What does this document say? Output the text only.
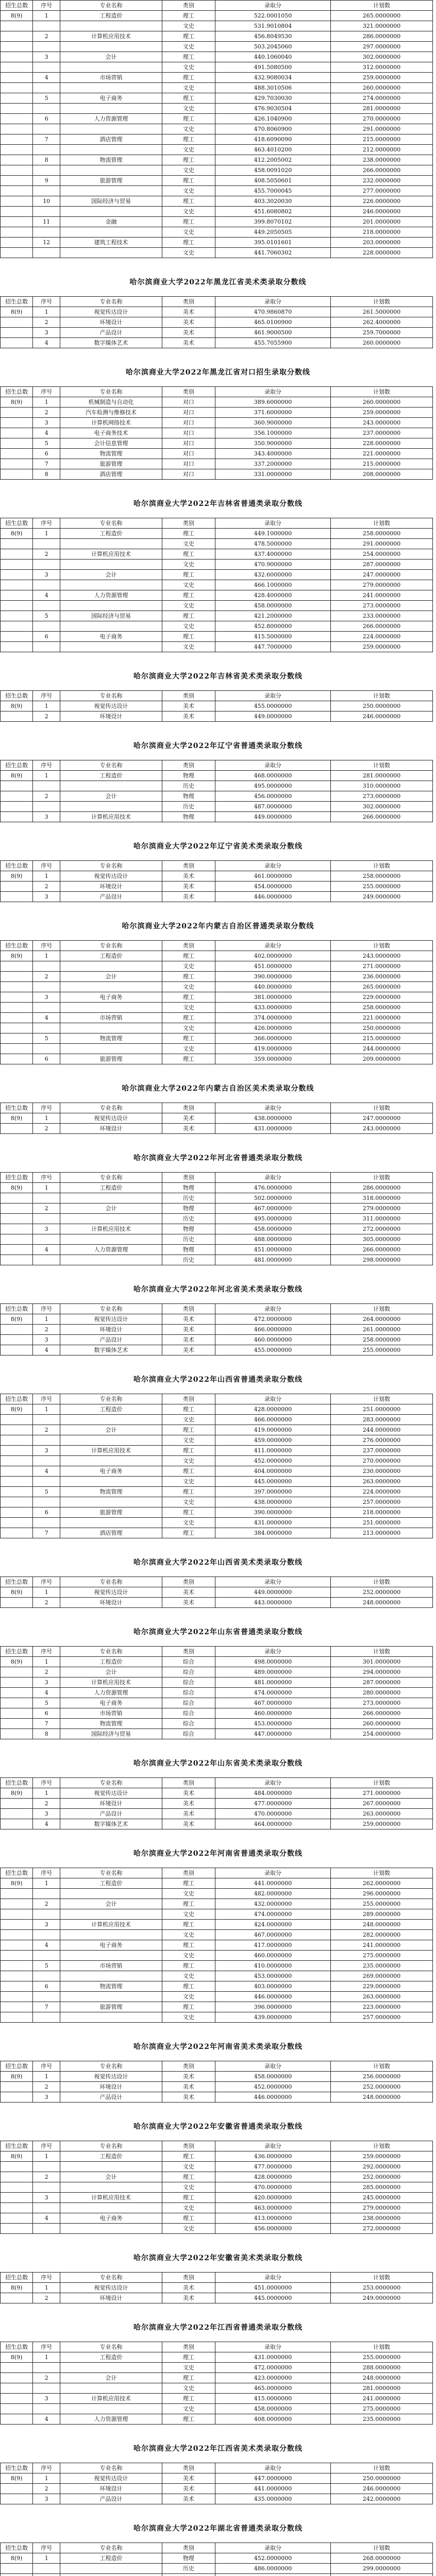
招生总数	序号	专业名称	类别	录取分	计划数
8(9)	1	工程造价	理工	522.0001050	265.0000000
			文史	531.9010804	321.0000000
	2	计算机应用技术	理工	456.8049530	286.0000000
			文史	503.2045060	297.0000000
	3	会计	理工	440.1060040	302.0000000
			文史	491.5080500	312.0000000
	4	市场营销	理工	432.9080034	259.0000000
			文史	488.3010506	260.0000000
	5	电子商务	理工	429.7030030	274.0000000
			文史	476.9030504	281.0000000
	6	人力资源管理	理工	426.1040900	270.0000000
			文史	470.8060900	291.0000000
	7	酒店管理	理工	418.6090090	215.0000000
			文史	463.4010200	212.0000000
	8	物流管理	理工	412.2005002	238.0000000
			文史	458.0091020	266.0000000
	9	旅游管理	理工	408.5050601	232.0000000
			文史	455.7000045	277.0000000
	10	国际经济与贸易	理工	403.3020030	226.0000000
			文史	451.6080802	246.0000000
	11	金融	理工	399.8070102	201.0000000
			文史	449.2050505	218.0000000
	12	建筑工程技术	理工	395.0101601	203.0000000
			文史	441.7060302	228.0000000
哈尔滨商业大学2022年黑龙江省美术类录取分数线
招生总数	序号	专业名称	类别	录取分	计划数
8(9)	1	视觉传达设计	美术	470.9860870	261.5000000
	2	环境设计	美术	465.0100900	262.4000000
	3	产品设计	美术	461.9000500	259.7000000
	4	数字媒体艺术	美术	455.7055900	260.0000000
哈尔滨商业大学2022年黑龙江省对口招生录取分数线
招生总数	序号	专业名称	类别	录取分	计划数
8(9)	1	机械制造与自动化	对口	389.6000000	260.0000000
	2	汽车检测与维修技术	对口	371.6000000	259.0000000
	3	计算机网络技术	对口	360.9000000	243.0000000
	4	电子商务技术	对口	356.1000000	237.0000000
	5	会计信息管理	对口	350.9000000	228.0000000
	6	物流管理	对口	343.4000000	221.0000000
	7	旅游管理	对口	337.2000000	215.0000000
	8	酒店管理	对口	331.0000000	208.0000000
哈尔滨商业大学2022年吉林省普通类录取分数线
招生总数	序号	专业名称	类别	录取分	计划数
8(9)	1	工程造价	理工	449.1000000	258.0000000
			文史	478.5000000	291.0000000
	2	计算机应用技术	理工	437.4000000	254.0000000
			文史	470.9000000	287.0000000
	3	会计	理工	432.6000000	247.0000000
			文史	466.1000000	279.0000000
	4	人力资源管理	理工	428.4000000	241.0000000
			文史	458.0000000	273.0000000
	5	国际经济与贸易	理工	421.2000000	233.0000000
			文史	452.8000000	266.0000000
	6	电子商务	理工	415.5000000	224.0000000
			文史	447.7000000	259.0000000
哈尔滨商业大学2022年吉林省美术类录取分数线
招生总数	序号	专业名称	类别	录取分	计划数
8(9)	1	视觉传达设计	美术	455.0000000	250.0000000
	2	环境设计	美术	449.0000000	246.0000000
哈尔滨商业大学2022年辽宁省普通类录取分数线
招生总数	序号	专业名称	类别	录取分	计划数
8(9)	1	工程造价	物理	468.0000000	281.0000000
			历史	495.0000000	310.0000000
	2	会计	物理	456.0000000	273.0000000
			历史	487.0000000	302.0000000
	3	计算机应用技术	物理	449.0000000	266.0000000
哈尔滨商业大学2022年辽宁省美术类录取分数线
招生总数	序号	专业名称	类别	录取分	计划数
8(9)	1	视觉传达设计	美术	461.0000000	258.0000000
	2	环境设计	美术	454.0000000	255.0000000
	3	产品设计	美术	446.0000000	249.0000000
哈尔滨商业大学2022年内蒙古自治区普通类录取分数线
招生总数	序号	专业名称	类别	录取分	计划数
8(9)	1	工程造价	理工	402.0000000	243.0000000
			文史	451.0000000	271.0000000
	2	会计	理工	390.0000000	236.0000000
			文史	440.0000000	265.0000000
	3	电子商务	理工	381.0000000	229.0000000
			文史	433.0000000	258.0000000
	4	市场营销	理工	374.0000000	221.0000000
			文史	426.0000000	250.0000000
	5	物流管理	理工	366.0000000	215.0000000
			文史	419.0000000	244.0000000
	6	旅游管理	理工	359.0000000	209.0000000
哈尔滨商业大学2022年内蒙古自治区美术类录取分数线
招生总数	序号	专业名称	类别	录取分	计划数
8(9)	1	视觉传达设计	美术	438.0000000	247.0000000
	2	环境设计	美术	431.0000000	243.0000000
哈尔滨商业大学2022年河北省普通类录取分数线
招生总数	序号	专业名称	类别	录取分	计划数
8(9)	1	工程造价	物理	476.0000000	286.0000000
			历史	502.0000000	318.0000000
	2	会计	物理	467.0000000	279.0000000
			历史	495.0000000	311.0000000
	3	计算机应用技术	物理	458.0000000	272.0000000
			历史	488.0000000	305.0000000
	4	人力资源管理	物理	451.0000000	266.0000000
			历史	481.0000000	298.0000000
哈尔滨商业大学2022年河北省美术类录取分数线
招生总数	序号	专业名称	类别	录取分	计划数
8(9)	1	视觉传达设计	美术	472.0000000	264.0000000
	2	环境设计	美术	466.0000000	261.0000000
	3	产品设计	美术	460.0000000	258.0000000
	4	数字媒体艺术	美术	455.0000000	255.0000000
哈尔滨商业大学2022年山西省普通类录取分数线
招生总数	序号	专业名称	类别	录取分	计划数
8(9)	1	工程造价	理工	428.0000000	251.0000000
			文史	466.0000000	283.0000000
	2	会计	理工	419.0000000	244.0000000
			文史	459.0000000	276.0000000
	3	计算机应用技术	理工	411.0000000	237.0000000
			文史	452.0000000	270.0000000
	4	电子商务	理工	404.0000000	230.0000000
			文史	445.0000000	263.0000000
	5	物流管理	理工	397.0000000	224.0000000
			文史	438.0000000	257.0000000
	6	旅游管理	理工	390.0000000	218.0000000
			文史	431.0000000	251.0000000
	7	酒店管理	理工	384.0000000	213.0000000
哈尔滨商业大学2022年山西省美术类录取分数线
招生总数	序号	专业名称	类别	录取分	计划数
8(9)	1	视觉传达设计	美术	449.0000000	252.0000000
	2	环境设计	美术	443.0000000	248.0000000
哈尔滨商业大学2022年山东省普通类录取分数线
招生总数	序号	专业名称	类别	录取分	计划数
8(9)	1	工程造价	综合	498.0000000	301.0000000
	2	会计	综合	489.0000000	294.0000000
	3	计算机应用技术	综合	481.0000000	287.0000000
	4	人力资源管理	综合	474.0000000	280.0000000
	5	电子商务	综合	467.0000000	273.0000000
	6	市场营销	综合	460.0000000	266.0000000
	7	物流管理	综合	453.0000000	260.0000000
	8	国际经济与贸易	综合	447.0000000	254.0000000
哈尔滨商业大学2022年山东省美术类录取分数线
招生总数	序号	专业名称	类别	录取分	计划数
8(9)	1	视觉传达设计	美术	484.0000000	271.0000000
	2	环境设计	美术	477.0000000	267.0000000
	3	产品设计	美术	470.0000000	263.0000000
	4	数字媒体艺术	美术	464.0000000	259.0000000
哈尔滨商业大学2022年河南省普通类录取分数线
招生总数	序号	专业名称	类别	录取分	计划数
8(9)	1	工程造价	理工	441.0000000	262.0000000
			文史	482.0000000	296.0000000
	2	会计	理工	432.0000000	255.0000000
			文史	474.0000000	289.0000000
	3	计算机应用技术	理工	424.0000000	248.0000000
			文史	467.0000000	282.0000000
	4	电子商务	理工	417.0000000	241.0000000
			文史	460.0000000	275.0000000
	5	市场营销	理工	410.0000000	235.0000000
			文史	453.0000000	269.0000000
	6	物流管理	理工	403.0000000	229.0000000
			文史	446.0000000	263.0000000
	7	旅游管理	理工	396.0000000	223.0000000
			文史	439.0000000	257.0000000
哈尔滨商业大学2022年河南省美术类录取分数线
招生总数	序号	专业名称	类别	录取分	计划数
8(9)	1	视觉传达设计	美术	458.0000000	256.0000000
	2	环境设计	美术	452.0000000	252.0000000
	3	产品设计	美术	446.0000000	248.0000000
哈尔滨商业大学2022年安徽省普通类录取分数线
招生总数	序号	专业名称	类别	录取分	计划数
8(9)	1	工程造价	理工	436.0000000	259.0000000
			文史	477.0000000	292.0000000
	2	会计	理工	428.0000000	252.0000000
			文史	470.0000000	285.0000000
	3	计算机应用技术	理工	420.0000000	245.0000000
			文史	463.0000000	279.0000000
	4	电子商务	理工	413.0000000	238.0000000
			文史	456.0000000	272.0000000
哈尔滨商业大学2022年安徽省美术类录取分数线
招生总数	序号	专业名称	类别	录取分	计划数
8(9)	1	视觉传达设计	美术	451.0000000	253.0000000
	2	环境设计	美术	445.0000000	249.0000000
哈尔滨商业大学2022年江西省普通类录取分数线
招生总数	序号	专业名称	类别	录取分	计划数
8(9)	1	工程造价	理工	431.0000000	255.0000000
			文史	472.0000000	288.0000000
	2	会计	理工	423.0000000	248.0000000
			文史	465.0000000	281.0000000
	3	计算机应用技术	理工	415.0000000	241.0000000
			文史	458.0000000	275.0000000
	4	人力资源管理	理工	408.0000000	235.0000000
哈尔滨商业大学2022年江西省美术类录取分数线
招生总数	序号	专业名称	类别	录取分	计划数
8(9)	1	视觉传达设计	美术	447.0000000	250.0000000
	2	环境设计	美术	441.0000000	246.0000000
	3	产品设计	美术	435.0000000	242.0000000
哈尔滨商业大学2022年湖北省普通类录取分数线
招生总数	序号	专业名称	类别	录取分	计划数
8(9)	1	工程造价	物理	452.0000000	268.0000000
			历史	486.0000000	299.0000000
